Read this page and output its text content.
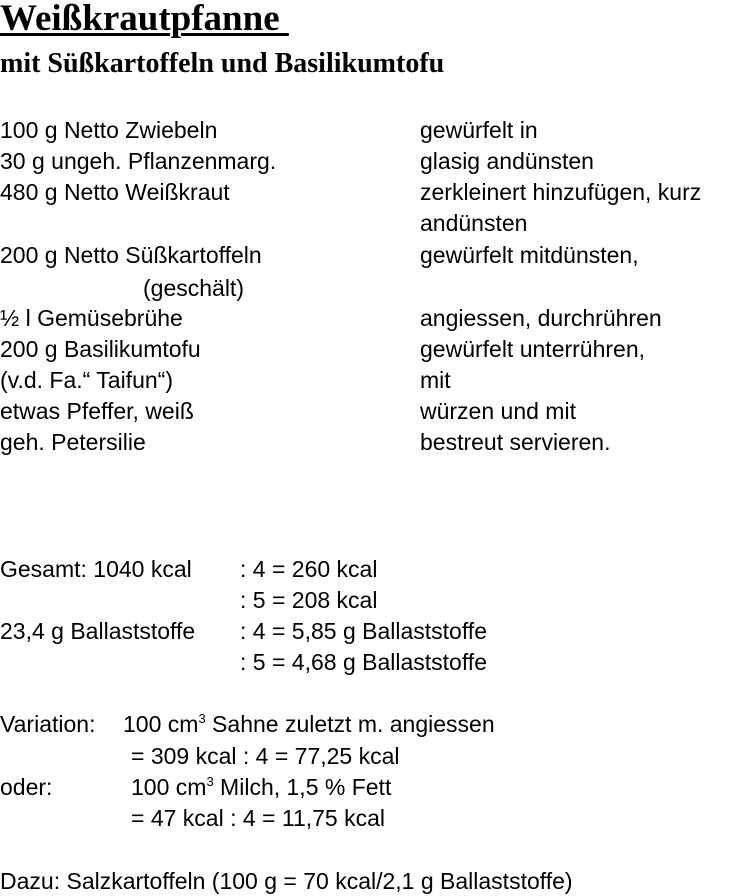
Weißkrautpfanne
mit Süßkartoffeln und Basilikumtofu
100 g Netto Zwiebeln	gewürfelt in
30 g ungeh. Pflanzenmarg.	glasig andünsten
480 g Netto Weißkraut	zerkleinert hinzufügen, kurz
andünsten
200 g Netto Süßkartoffeln	gewürfelt mitdünsten,
(geschält)
½ l Gemüsebrühe	angiessen, durchrühren
200 g Basilikumtofu	gewürfelt unterrühren,
(v.d. Fa.“ Taifun“)	mit
etwas Pfeffer, weiß	würzen und mit
geh. Petersilie	bestreut servieren.
Gesamt: 1040 kcal : 4 = 260 kcal
: 5 = 208 kcal
23,4 g Ballaststoffe : 4 = 5,85 g Ballaststoffe
: 5 = 4,68 g Ballaststoffe
Variation: 100 $cm^3$ Sahne zuletzt m. angiessen
= 309 kcal : 4 = 77,25 kcal
oder:	100 $cm^3$ Milch, 1,5 % Fett
= 47 kcal : 4 = 11,75 kcal
Dazu: Salzkartoffeln (100 g = 70 kcal/2,1 g Ballaststoffe)
